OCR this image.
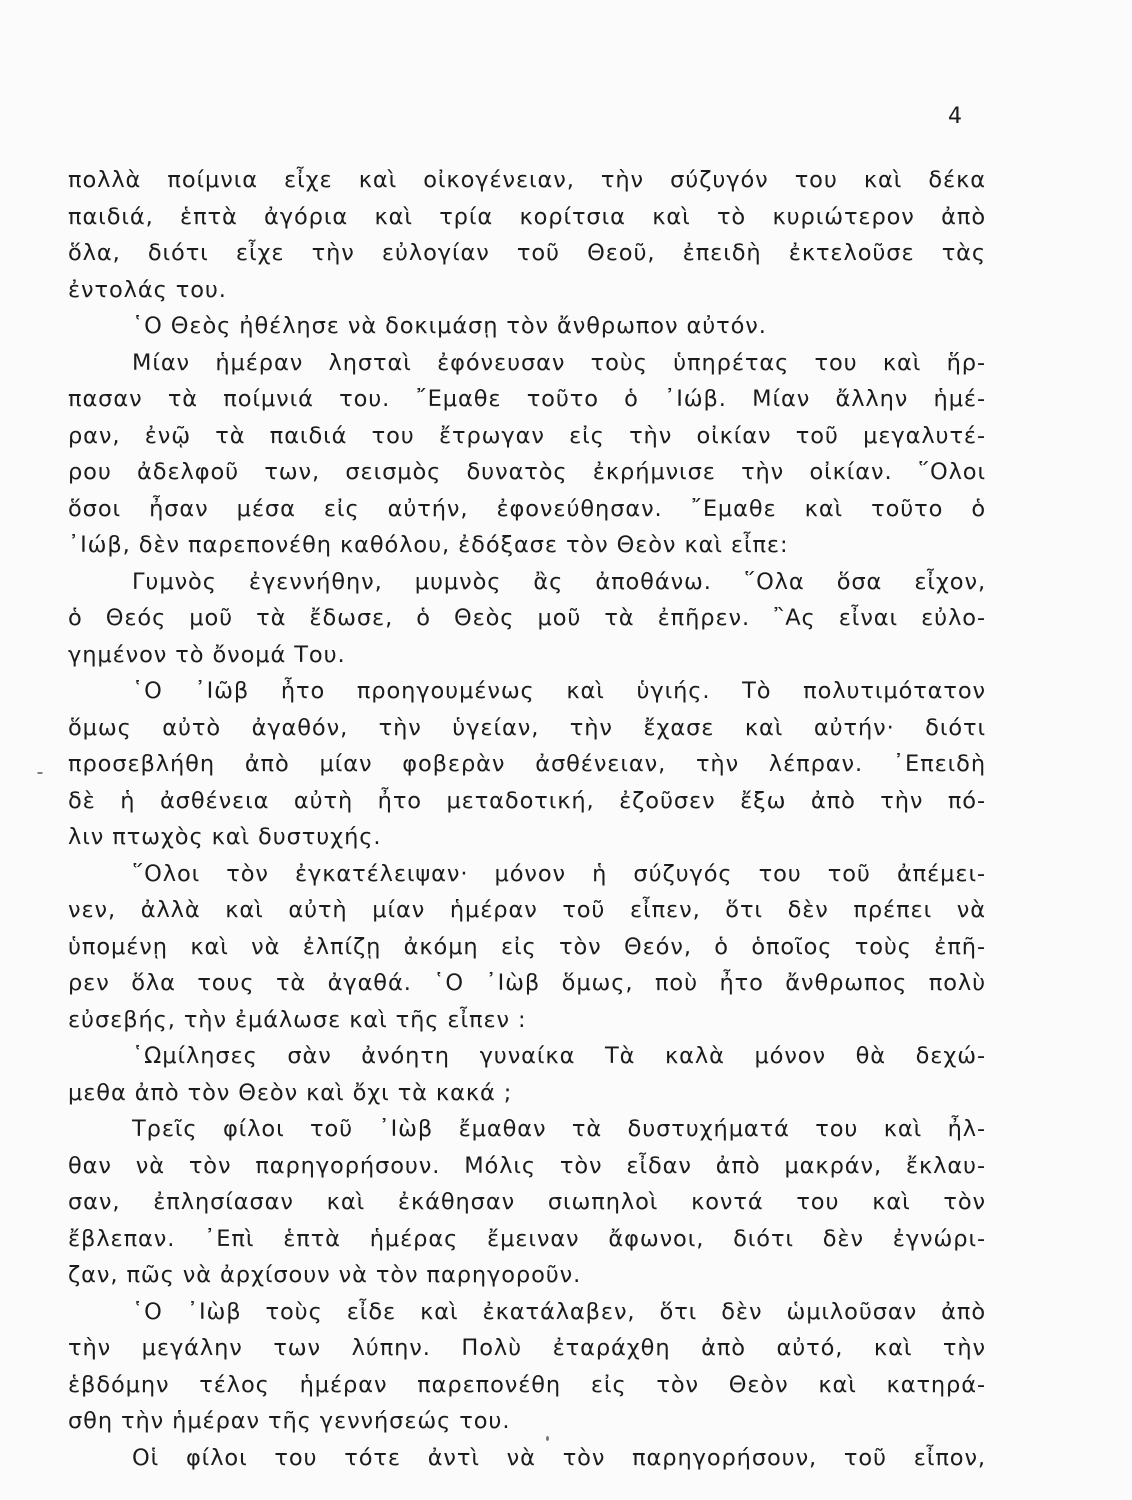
4
πολλὰ ποίμνια εἶχε καὶ οἰκογένειαν, τὴν σύζυγόν του καὶ δέκα
παιδιά, ἑπτὰ ἀγόρια καὶ τρία κορίτσια καὶ τὸ κυριώτερον ἀπὸ
ὅλα, διότι εἶχε τὴν εὐλογίαν τοῦ Θεοῦ, ἐπειδὴ ἐκτελοῦσε τὰς
ἐντολάς του.
῾Ο Θεὸς ἠθέλησε νὰ δοκιμάσῃ τὸν ἄνθρωπον αὐτόν.
Μίαν ἡμέραν λησταὶ ἐφόνευσαν τοὺς ὑπηρέτας του καὶ ἥρ-
πασαν τὰ ποίμνιά του. ῎Εμαθε τοῦτο ὁ ᾿Ιώβ. Μίαν ἄλλην ἡμέ-
ραν, ἐνῷ τὰ παιδιά του ἔτρωγαν εἰς τὴν οἰκίαν τοῦ μεγαλυτέ-
ρου ἀδελφοῦ των, σεισμὸς δυνατὸς ἐκρήμνισε τὴν οἰκίαν. ῞Ολοι
ὅσοι ἦσαν μέσα εἰς αὐτήν, ἐφονεύθησαν. ῎Εμαθε καὶ τοῦτο ὁ
᾿Ιώβ, δὲν παρεπονέθη καθόλου, ἐδόξασε τὸν Θεὸν καὶ εἶπε:
Γυμνὸς ἐγεννήθην, μυμνὸς ἂς ἀποθάνω. ῞Ολα ὅσα εἶχον,
ὁ Θεός μοῦ τὰ ἔδωσε, ὁ Θεὸς μοῦ τὰ ἐπῆρεν. ῍Ας εἶναι εὐλο-
γημένον τὸ ὄνομά Του.
῾Ο ᾿Ιῶβ ἦτο προηγουμένως καὶ ὑγιής. Τὸ πολυτιμότατον
ὅμως αὐτὸ ἀγαθόν, τὴν ὑγείαν, τὴν ἔχασε καὶ αὐτήν· διότι
προσεβλήθη ἀπὸ μίαν φοβερὰν ἀσθένειαν, τὴν λέπραν. ᾿Επειδὴ
δὲ ἡ ἀσθένεια αὐτὴ ἦτο μεταδοτική, ἐζοῦσεν ἔξω ἀπὸ τὴν πό-
λιν πτωχὸς καὶ δυστυχής.
῞Ολοι τὸν ἐγκατέλειψαν· μόνον ἡ σύζυγός του τοῦ ἀπέμει-
νεν, ἀλλὰ καὶ αὐτὴ μίαν ἡμέραν τοῦ εἶπεν, ὅτι δὲν πρέπει νὰ
ὑπομένῃ καὶ νὰ ἐλπίζῃ ἀκόμη εἰς τὸν Θεόν, ὁ ὁποῖος τοὺς ἐπῆ-
ρεν ὅλα τους τὰ ἀγαθά. ῾Ο ᾿Ιὼβ ὅμως, ποὺ ἦτο ἄνθρωπος πολὺ
εὐσεβής, τὴν ἐμάλωσε καὶ τῆς εἶπεν :
῾Ωμίλησες σὰν ἀνόητη γυναίκα Τὰ καλὰ μόνον θὰ δεχώ-
μεθα ἀπὸ τὸν Θεὸν καὶ ὄχι τὰ κακά ;
Τρεῖς φίλοι τοῦ ᾿Ιὼβ ἔμαθαν τὰ δυστυχήματά του καὶ ἦλ-
θαν νὰ τὸν παρηγορήσουν. Μόλις τὸν εἶδαν ἀπὸ μακράν, ἔκλαυ-
σαν, ἐπλησίασαν καὶ ἐκάθησαν σιωπηλοὶ κοντά του καὶ τὸν
ἔβλεπαν. ᾿Επὶ ἑπτὰ ἡμέρας ἔμειναν ἄφωνοι, διότι δὲν ἐγνώρι-
ζαν, πῶς νὰ ἀρχίσουν νὰ τὸν παρηγοροῦν.
῾Ο ᾿Ιὼβ τοὺς εἶδε καὶ ἐκατάλαβεν, ὅτι δὲν ὡμιλοῦσαν ἀπὸ
τὴν μεγάλην των λύπην. Πολὺ ἐταράχθη ἀπὸ αὐτό, καὶ τὴν
ἑβδόμην τέλος ἡμέραν παρεπονέθη εἰς τὸν Θεὸν καὶ κατηρά-
σθη τὴν ἡμέραν τῆς γεννήσεώς του.
Οἱ φίλοι του τότε ἀντὶ νὰ τὸν παρηγορήσουν, τοῦ εἶπον,
